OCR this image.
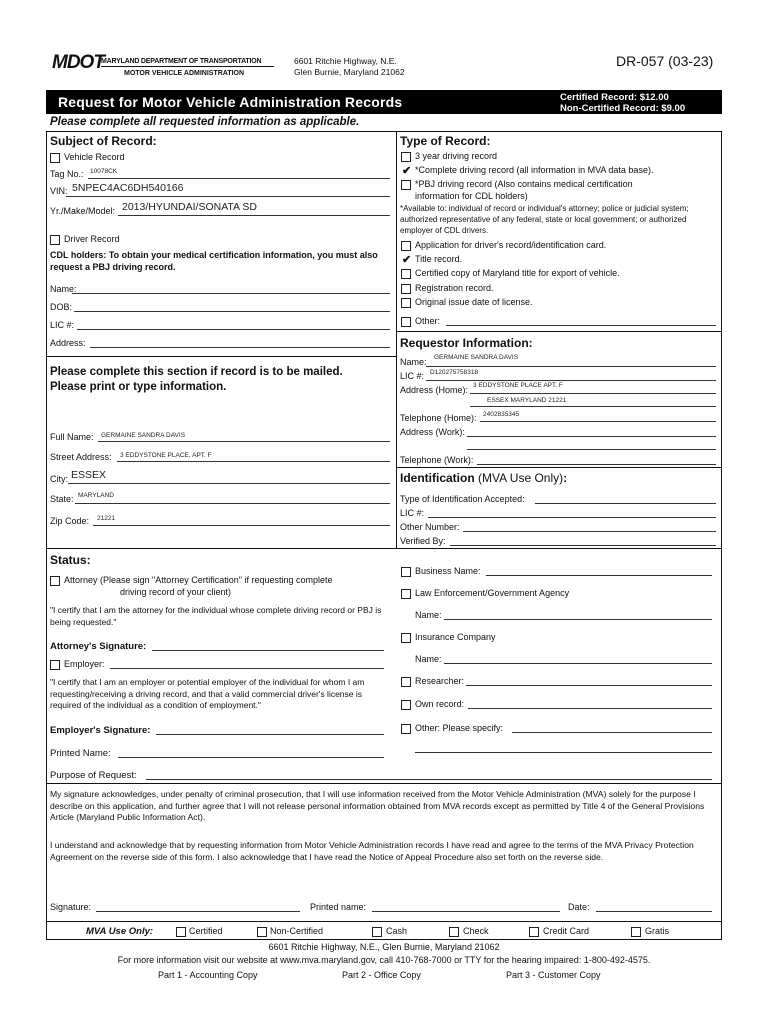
MDOT
MARYLAND DEPARTMENT OF TRANSPORTATION
MOTOR VEHICLE ADMINISTRATION
6601 Ritchie Highway, N.E.
Glen Burnie, Maryland 21062
DR-057 (03-23)
Request for Motor Vehicle Administration Records	Certified Record: $12.00
Non-Certified Record: $9.00
Please complete all requested information as applicable.
Subject of Record:
Vehicle Record
Tag No.: 10078CK
VIN: 5NPEC4AC6DH540166
Yr./Make/Model: 2013/HYUNDAI/SONATA SD
Driver Record
CDL holders: To obtain your medical certification information, you must also request a PBJ driving record.
Name:
DOB:
LIC #:
Address:
Type of Record:
3 year driving record
✔ *Complete driving record (all information in MVA data base).
*PBJ driving record (Also contains medical certification
information for CDL holders)
*Available to: individual of record or individual's attorney; police or judicial system; authorized representative of any federal, state or local government; or authorized employer of CDL drivers.
Application for driver's record/identification card.
✔ Title record.
Certified copy of Maryland title for export of vehicle.
Registration record.
Original issue date of license.
Other:
Please complete this section if record is to be mailed.
Please print or type information.
Full Name: GERMAINE SANDRA DAVIS
Street Address: 3 EDDYSTONE PLACE, APT. F
City: ESSEX
State: MARYLAND
Zip Code: 21221
Requestor Information:
Name: GERMAINE SANDRA DAVIS
LIC #: D120275758318
Address (Home): 3 EDDYSTONE PLACE APT. F
ESSEX MARYLAND 21221
Telephone (Home): 2402835345
Address (Work):
Telephone (Work):
Identification (MVA Use Only):
Type of Identification Accepted:
LIC #:
Other Number:
Verified By:
Status:
Attorney (Please sign "Attorney Certification" if requesting complete
driving record of your client)
"I certify that I am the attorney for the individual whose complete driving record or PBJ is being requested."
Attorney's Signature:
Employer:
"I certify that I am an employer or potential employer of the individual for whom I am requesting/receiving a driving record, and that a valid commercial driver's license is required of the individual as a condition of employment."
Employer's Signature:
Printed Name:
Business Name:
Law Enforcement/Government Agency
Name:
Insurance Company
Name:
Researcher:
Own record:
Other: Please specify:
Purpose of Request:
My signature acknowledges, under penalty of criminal prosecution, that I will use information received from the Motor Vehicle Administration (MVA) solely for the purpose I describe on this application, and further agree that I will not release personal information obtained from MVA records except as permitted by Title 4 of the General Provisions Article (Maryland Public Information Act).
I understand and acknowledge that by requesting information from Motor Vehicle Administration records I have read and agree to the terms of the MVA Privacy Protection Agreement on the reverse side of this form. I also acknowledge that I have read the Notice of Appeal Procedure also set forth on the reverse side.
Signature:	Printed name:	Date:
MVA Use Only:	Certified	Non-Certified	Cash	Check	Credit Card	Gratis
6601 Ritchie Highway, N.E., Glen Burnie, Maryland 21062
For more information visit our website at www.mva.maryland.gov, call 410-768-7000 or TTY for the hearing impaired: 1-800-492-4575.
Part 1 - Accounting Copy	Part 2 - Office Copy	Part 3 - Customer Copy
